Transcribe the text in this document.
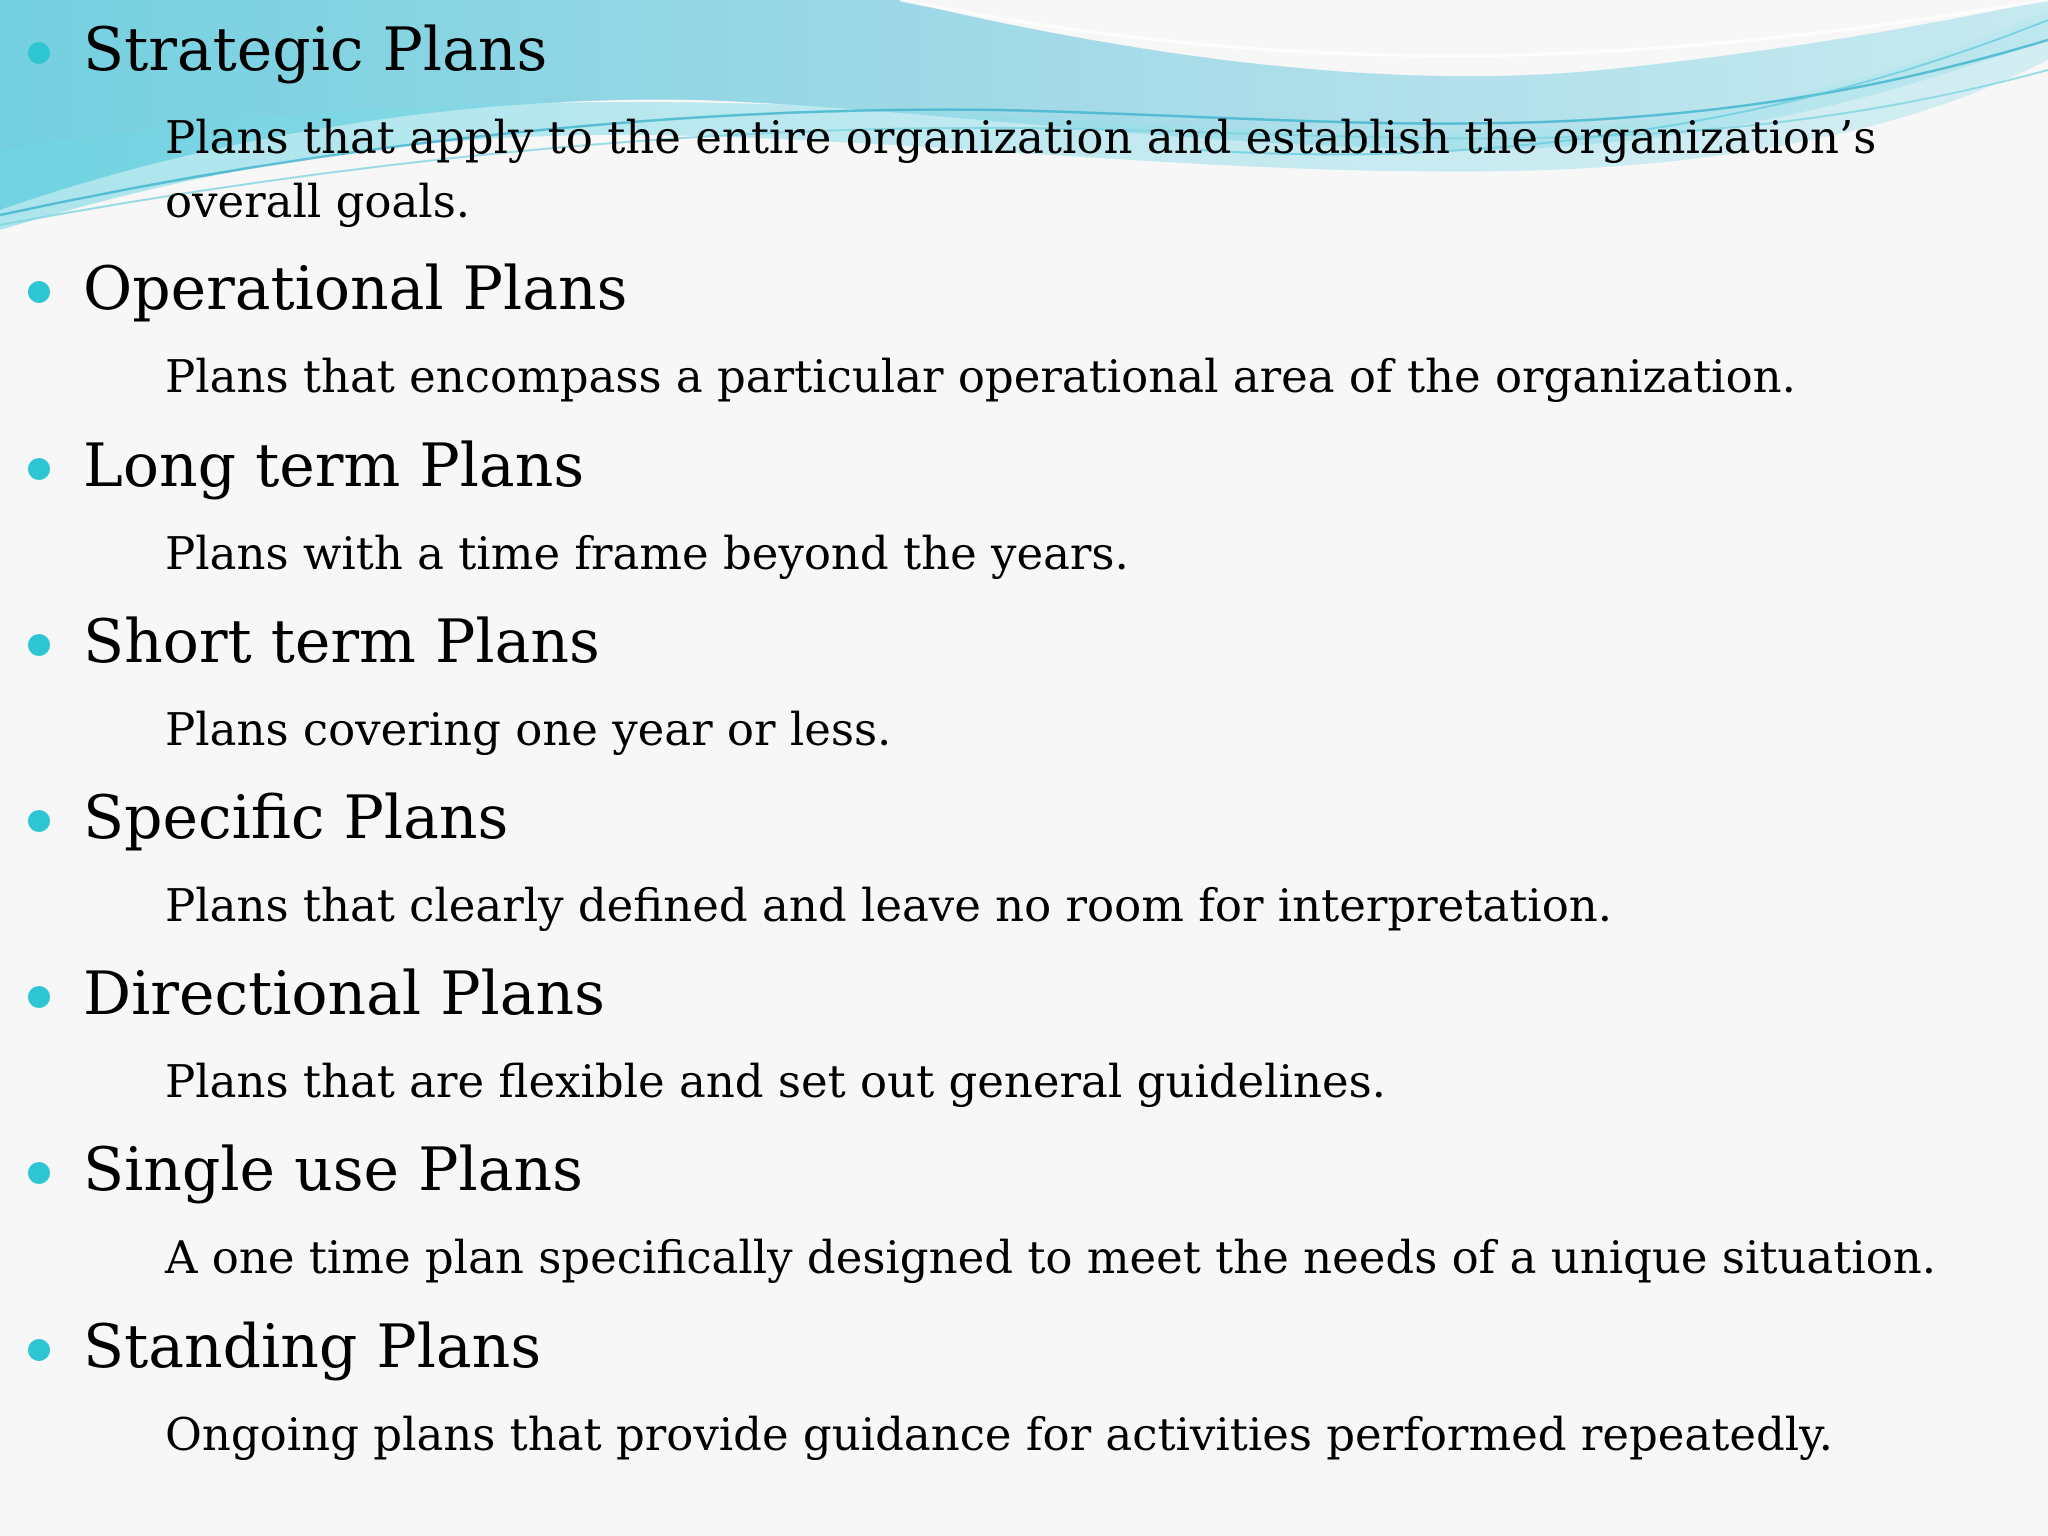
Strategic Plans
Plans that apply to the entire organization and establish the organization’s overall goals.
Operational Plans
Plans that encompass a particular operational area of the organization.
Long term Plans
Plans with a time frame beyond the years.
Short term Plans
Plans covering one year or less.
Specific Plans
Plans that clearly defined and leave no room for interpretation.
Directional Plans
Plans that are flexible and set out general guidelines.
Single use Plans
A one time plan specifically designed to meet the needs of a unique situation.
Standing Plans
Ongoing plans that provide guidance for activities performed repeatedly.
